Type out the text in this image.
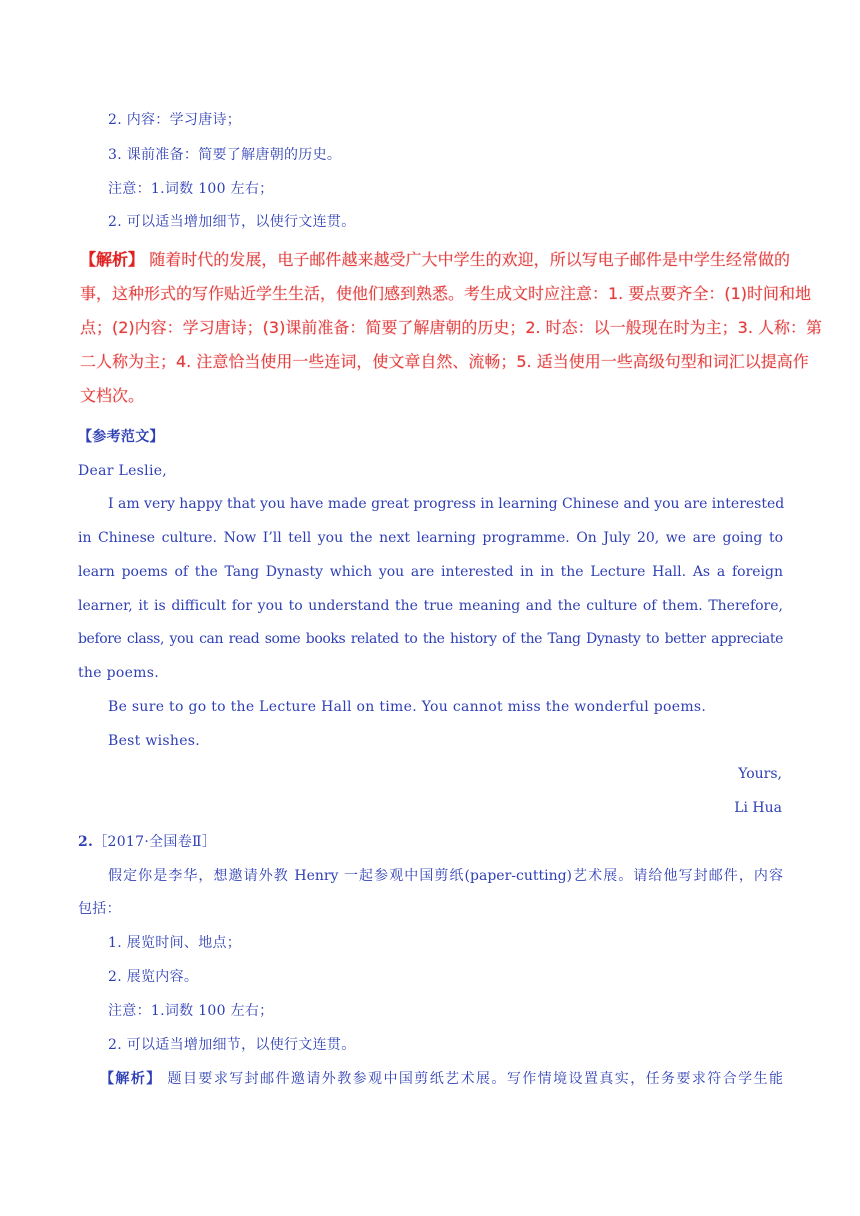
2. 内容：学习唐诗；
3. 课前准备：简要了解唐朝的历史。
注意：1.词数 100 左右；
2. 可以适当增加细节，以使行文连贯。
【解析】 随着时代的发展，电子邮件越来越受广大中学生的欢迎，所以写电子邮件是中学生经常做的
事，这种形式的写作贴近学生生活，使他们感到熟悉。考生成文时应注意：1. 要点要齐全：(1)时间和地
点；(2)内容：学习唐诗；(3)课前准备：简要了解唐朝的历史；2. 时态：以一般现在时为主；3. 人称：第
二人称为主；4. 注意恰当使用一些连词，使文章自然、流畅；5. 适当使用一些高级句型和词汇以提高作
文档次。
【参考范文】
Dear Leslie,
I am very happy that you have made great progress in learning Chinese and you are interested
in Chinese culture. Now I’ll tell you the next learning programme. On July 20, we are going to
learn poems of the Tang Dynasty which you are interested in in the Lecture Hall. As a foreign
learner, it is difficult for you to understand the true meaning and the culture of them. Therefore,
before class, you can read some books related to the history of the Tang Dynasty to better appreciate
the poems.
Be sure to go to the Lecture Hall on time. You cannot miss the wonderful poems.
Best wishes.
Yours,
Li Hua
2.［2017·全国卷Ⅱ］
假定你是李华，想邀请外教 Henry 一起参观中国剪纸(paper-cutting)艺术展。请给他写封邮件，内容
包括：
1. 展览时间、地点；
2. 展览内容。
注意：1.词数 100 左右；
2. 可以适当增加细节，以使行文连贯。
【解析】 题目要求写封邮件邀请外教参观中国剪纸艺术展。写作情境设置真实，任务要求符合学生能
